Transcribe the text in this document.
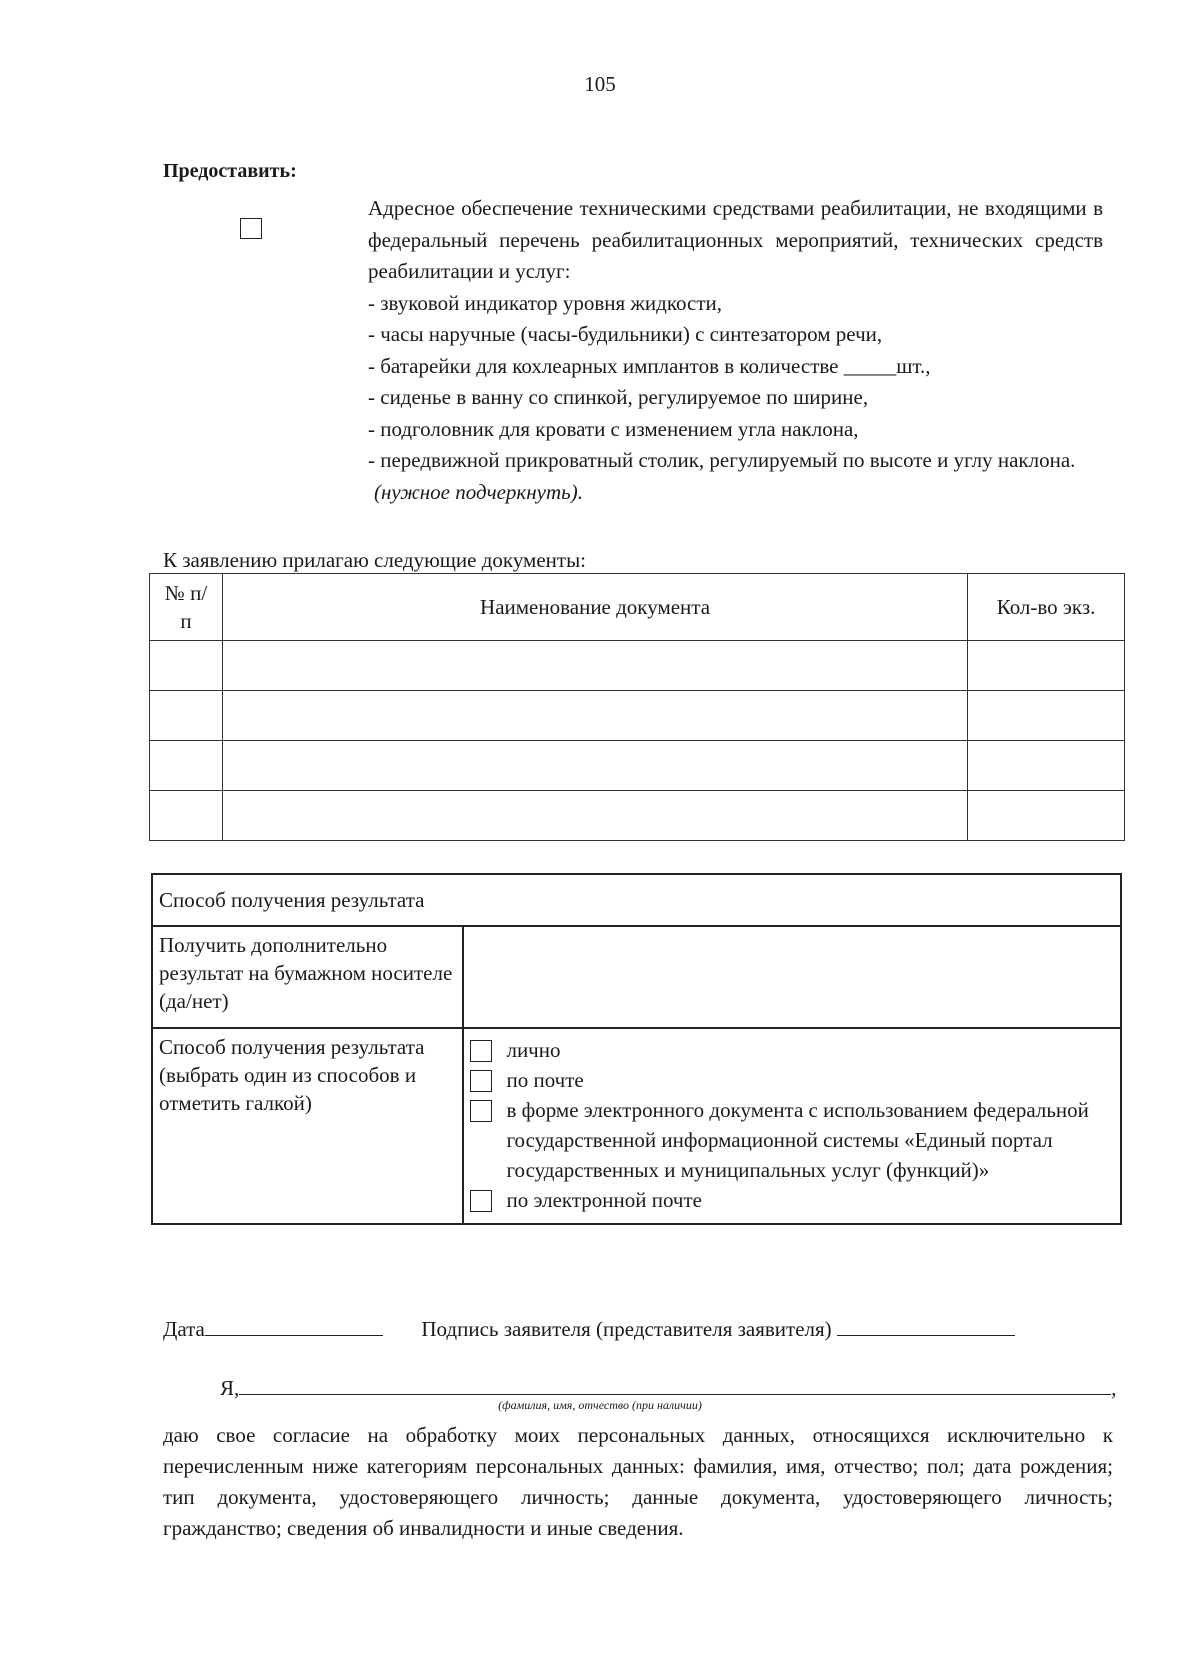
105
Предоставить:
Адресное обеспечение техническими средствами реабилитации, не входящими в федеральный перечень реабилитационных мероприятий, технических средств реабилитации и услуг:
- звуковой индикатор уровня жидкости,
- часы наручные (часы-будильники) с синтезатором речи,
- батарейки для кохлеарных имплантов в количестве _____шт.,
- сиденье в ванну со спинкой, регулируемое по ширине,
- подголовник для кровати с изменением угла наклона,
- передвижной прикроватный столик, регулируемый по высоте и углу наклона.
(нужное подчеркнуть).
К заявлению прилагаю следующие документы:
№ п/п	Наименование документа	Кол-во экз.

Способ получения результата	
Получить дополнительно результат на бумажном носителе (да/нет)	
Способ получения результата (выбрать один из способов и отметить галкой)	лично
по почте
в форме электронного документа с использованием федеральной государственной информационной системы «Единый портал государственных и муниципальных услуг (функций)»
по электронной почте
Дата	Подпись заявителя (представителя заявителя)
Я,	,
(фамилия, имя, отчество (при наличии)
даю свое согласие на обработку моих персональных данных, относящихся исключительно к перечисленным ниже категориям персональных данных: фамилия, имя, отчество; пол; дата рождения; тип документа, удостоверяющего личность; данные документа, удостоверяющего личность; гражданство; сведения об инвалидности и иные сведения.
